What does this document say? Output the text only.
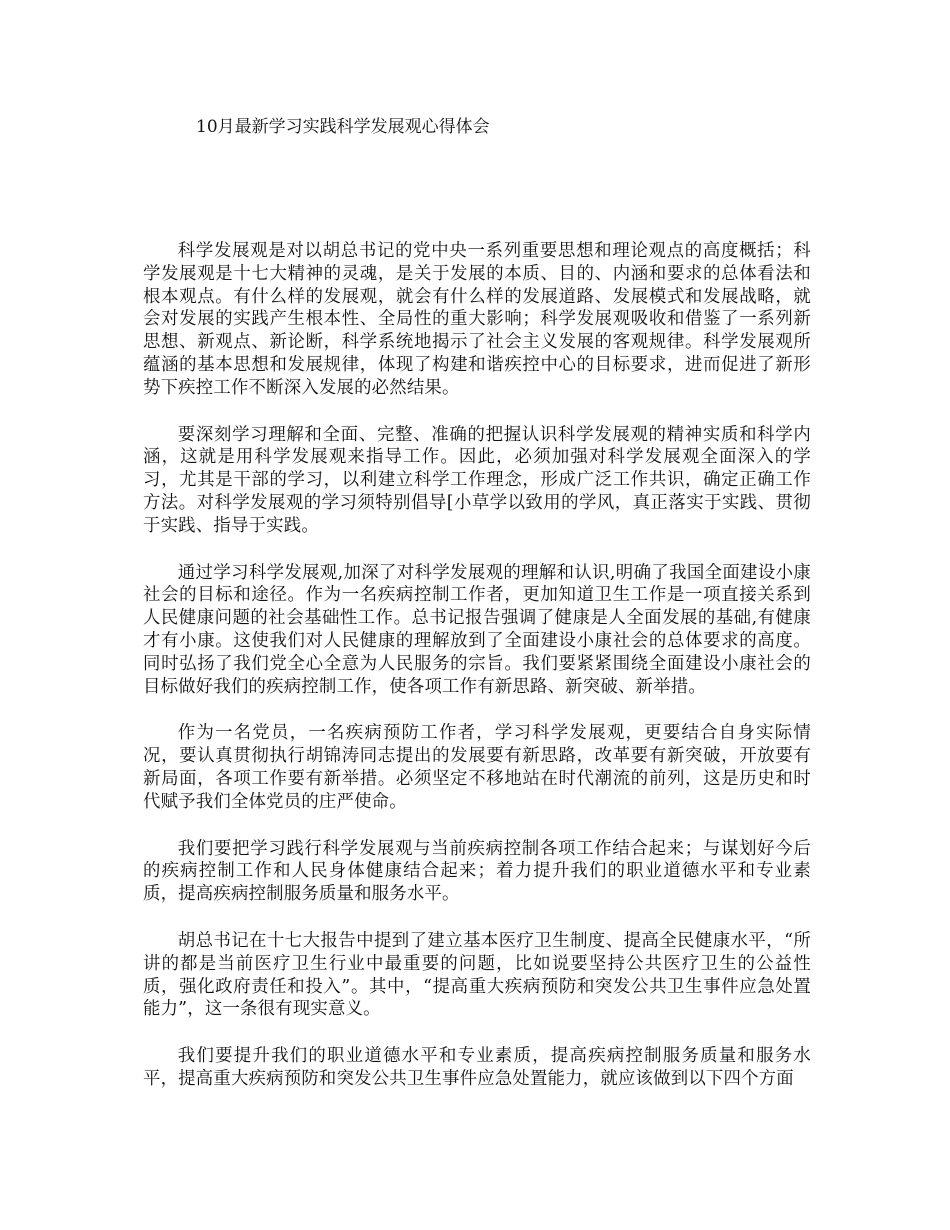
10月最新学习实践科学发展观心得体会

科学发展观是对以胡总书记的党中央一系列重要思想和理论观点的高度概括；科学发展观是十七大精神的灵魂，是关于发展的本质、目的、内涵和要求的总体看法和根本观点。有什么样的发展观，就会有什么样的发展道路、发展模式和发展战略，就会对发展的实践产生根本性、全局性的重大影响；科学发展观吸收和借鉴了一系列新思想、新观点、新论断，科学系统地揭示了社会主义发展的客观规律。科学发展观所蕴涵的基本思想和发展规律，体现了构建和谐疾控中心的目标要求，进而促进了新形势下疾控工作不断深入发展的必然结果。

要深刻学习理解和全面、完整、准确的把握认识科学发展观的精神实质和科学内涵，这就是用科学发展观来指导工作。因此，必须加强对科学发展观全面深入的学习，尤其是干部的学习，以利建立科学工作理念，形成广泛工作共识，确定正确工作方法。对科学发展观的学习须特别倡导[小草学以致用的学风，真正落实于实践、贯彻于实践、指导于实践。

通过学习科学发展观,加深了对科学发展观的理解和认识,明确了我国全面建设小康社会的目标和途径。作为一名疾病控制工作者，更加知道卫生工作是一项直接关系到人民健康问题的社会基础性工作。总书记报告强调了健康是人全面发展的基础,有健康才有小康。这使我们对人民健康的理解放到了全面建设小康社会的总体要求的高度。同时弘扬了我们党全心全意为人民服务的宗旨。我们要紧紧围绕全面建设小康社会的目标做好我们的疾病控制工作，使各项工作有新思路、新突破、新举措。

作为一名党员，一名疾病预防工作者，学习科学发展观，更要结合自身实际情况，要认真贯彻执行胡锦涛同志提出的发展要有新思路，改革要有新突破，开放要有新局面，各项工作要有新举措。必须坚定不移地站在时代潮流的前列，这是历史和时代赋予我们全体党员的庄严使命。

我们要把学习践行科学发展观与当前疾病控制各项工作结合起来；与谋划好今后的疾病控制工作和人民身体健康结合起来；着力提升我们的职业道德水平和专业素质，提高疾病控制服务质量和服务水平。

胡总书记在十七大报告中提到了建立基本医疗卫生制度、提高全民健康水平，“所讲的都是当前医疗卫生行业中最重要的问题，比如说要坚持公共医疗卫生的公益性质，强化政府责任和投入”。其中，“提高重大疾病预防和突发公共卫生事件应急处置能力”，这一条很有现实意义。

我们要提升我们的职业道德水平和专业素质，提高疾病控制服务质量和服务水平，提高重大疾病预防和突发公共卫生事件应急处置能力，就应该做到以下四个方面
